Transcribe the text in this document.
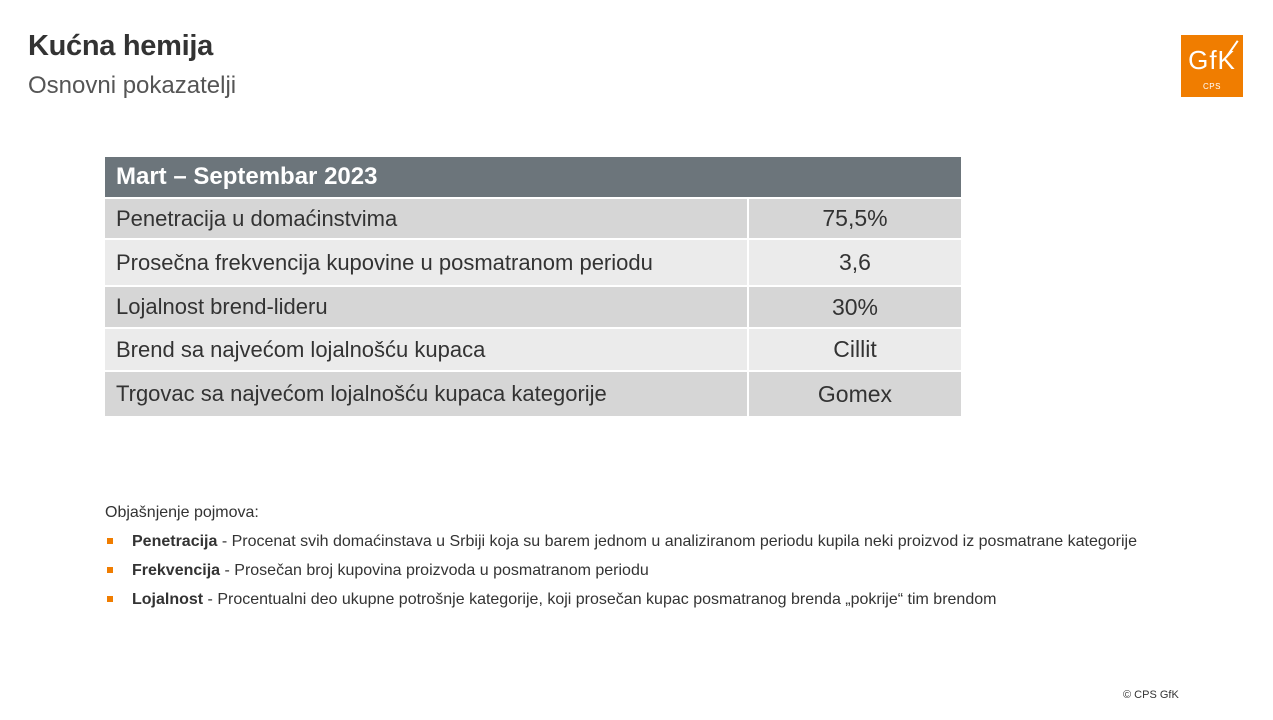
Kućna hemija
Osnovni pokazatelji
GfK
CPS
Mart – Septembar 2023	
Penetracija u domaćinstvima	75,5%
Prosečna frekvencija kupovine u posmatranom periodu	3,6
Lojalnost brend-lideru	30%
Brend sa najvećom lojalnošću kupaca	Cillit
Trgovac sa najvećom lojalnošću kupaca kategorije	Gomex

Objašnjenje pojmova:

Penetracija - Procenat svih domaćinstava u Srbiji koja su barem jednom u analiziranom periodu kupila neki proizvod iz posmatrane kategorije
Frekvencija - Prosečan broj kupovina proizvoda u posmatranom periodu
Lojalnost - Procentualni deo ukupne potrošnje kategorije, koji prosečan kupac posmatranog brenda „pokrije“ tim brendom
© CPS GfK
